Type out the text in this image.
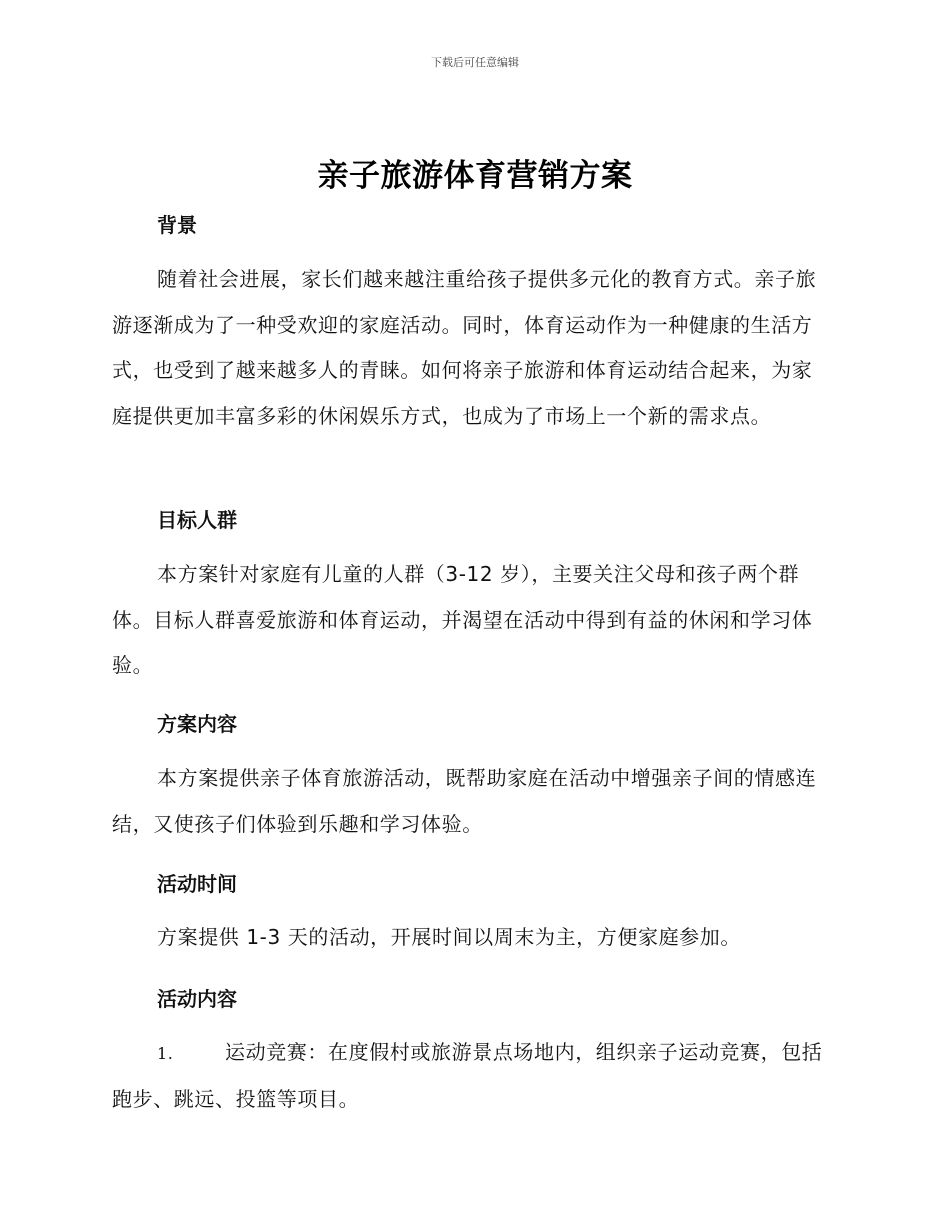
下载后可任意编辑
亲子旅游体育营销方案
背景
随着社会进展，家长们越来越注重给孩子提供多元化的教育方式。亲子旅游逐渐成为了一种受欢迎的家庭活动。同时，体育运动作为一种健康的生活方式，也受到了越来越多人的青睐。如何将亲子旅游和体育运动结合起来，为家庭提供更加丰富多彩的休闲娱乐方式，也成为了市场上一个新的需求点。
目标人群
本方案针对家庭有儿童的人群（3-12 岁），主要关注父母和孩子两个群体。目标人群喜爱旅游和体育运动，并渴望在活动中得到有益的休闲和学习体验。
方案内容
本方案提供亲子体育旅游活动，既帮助家庭在活动中增强亲子间的情感连结，又使孩子们体验到乐趣和学习体验。
活动时间
方案提供 1-3 天的活动，开展时间以周末为主，方便家庭参加。
活动内容
1.	运动竞赛：在度假村或旅游景点场地内，组织亲子运动竞赛，包括跑步、跳远、投篮等项目。
